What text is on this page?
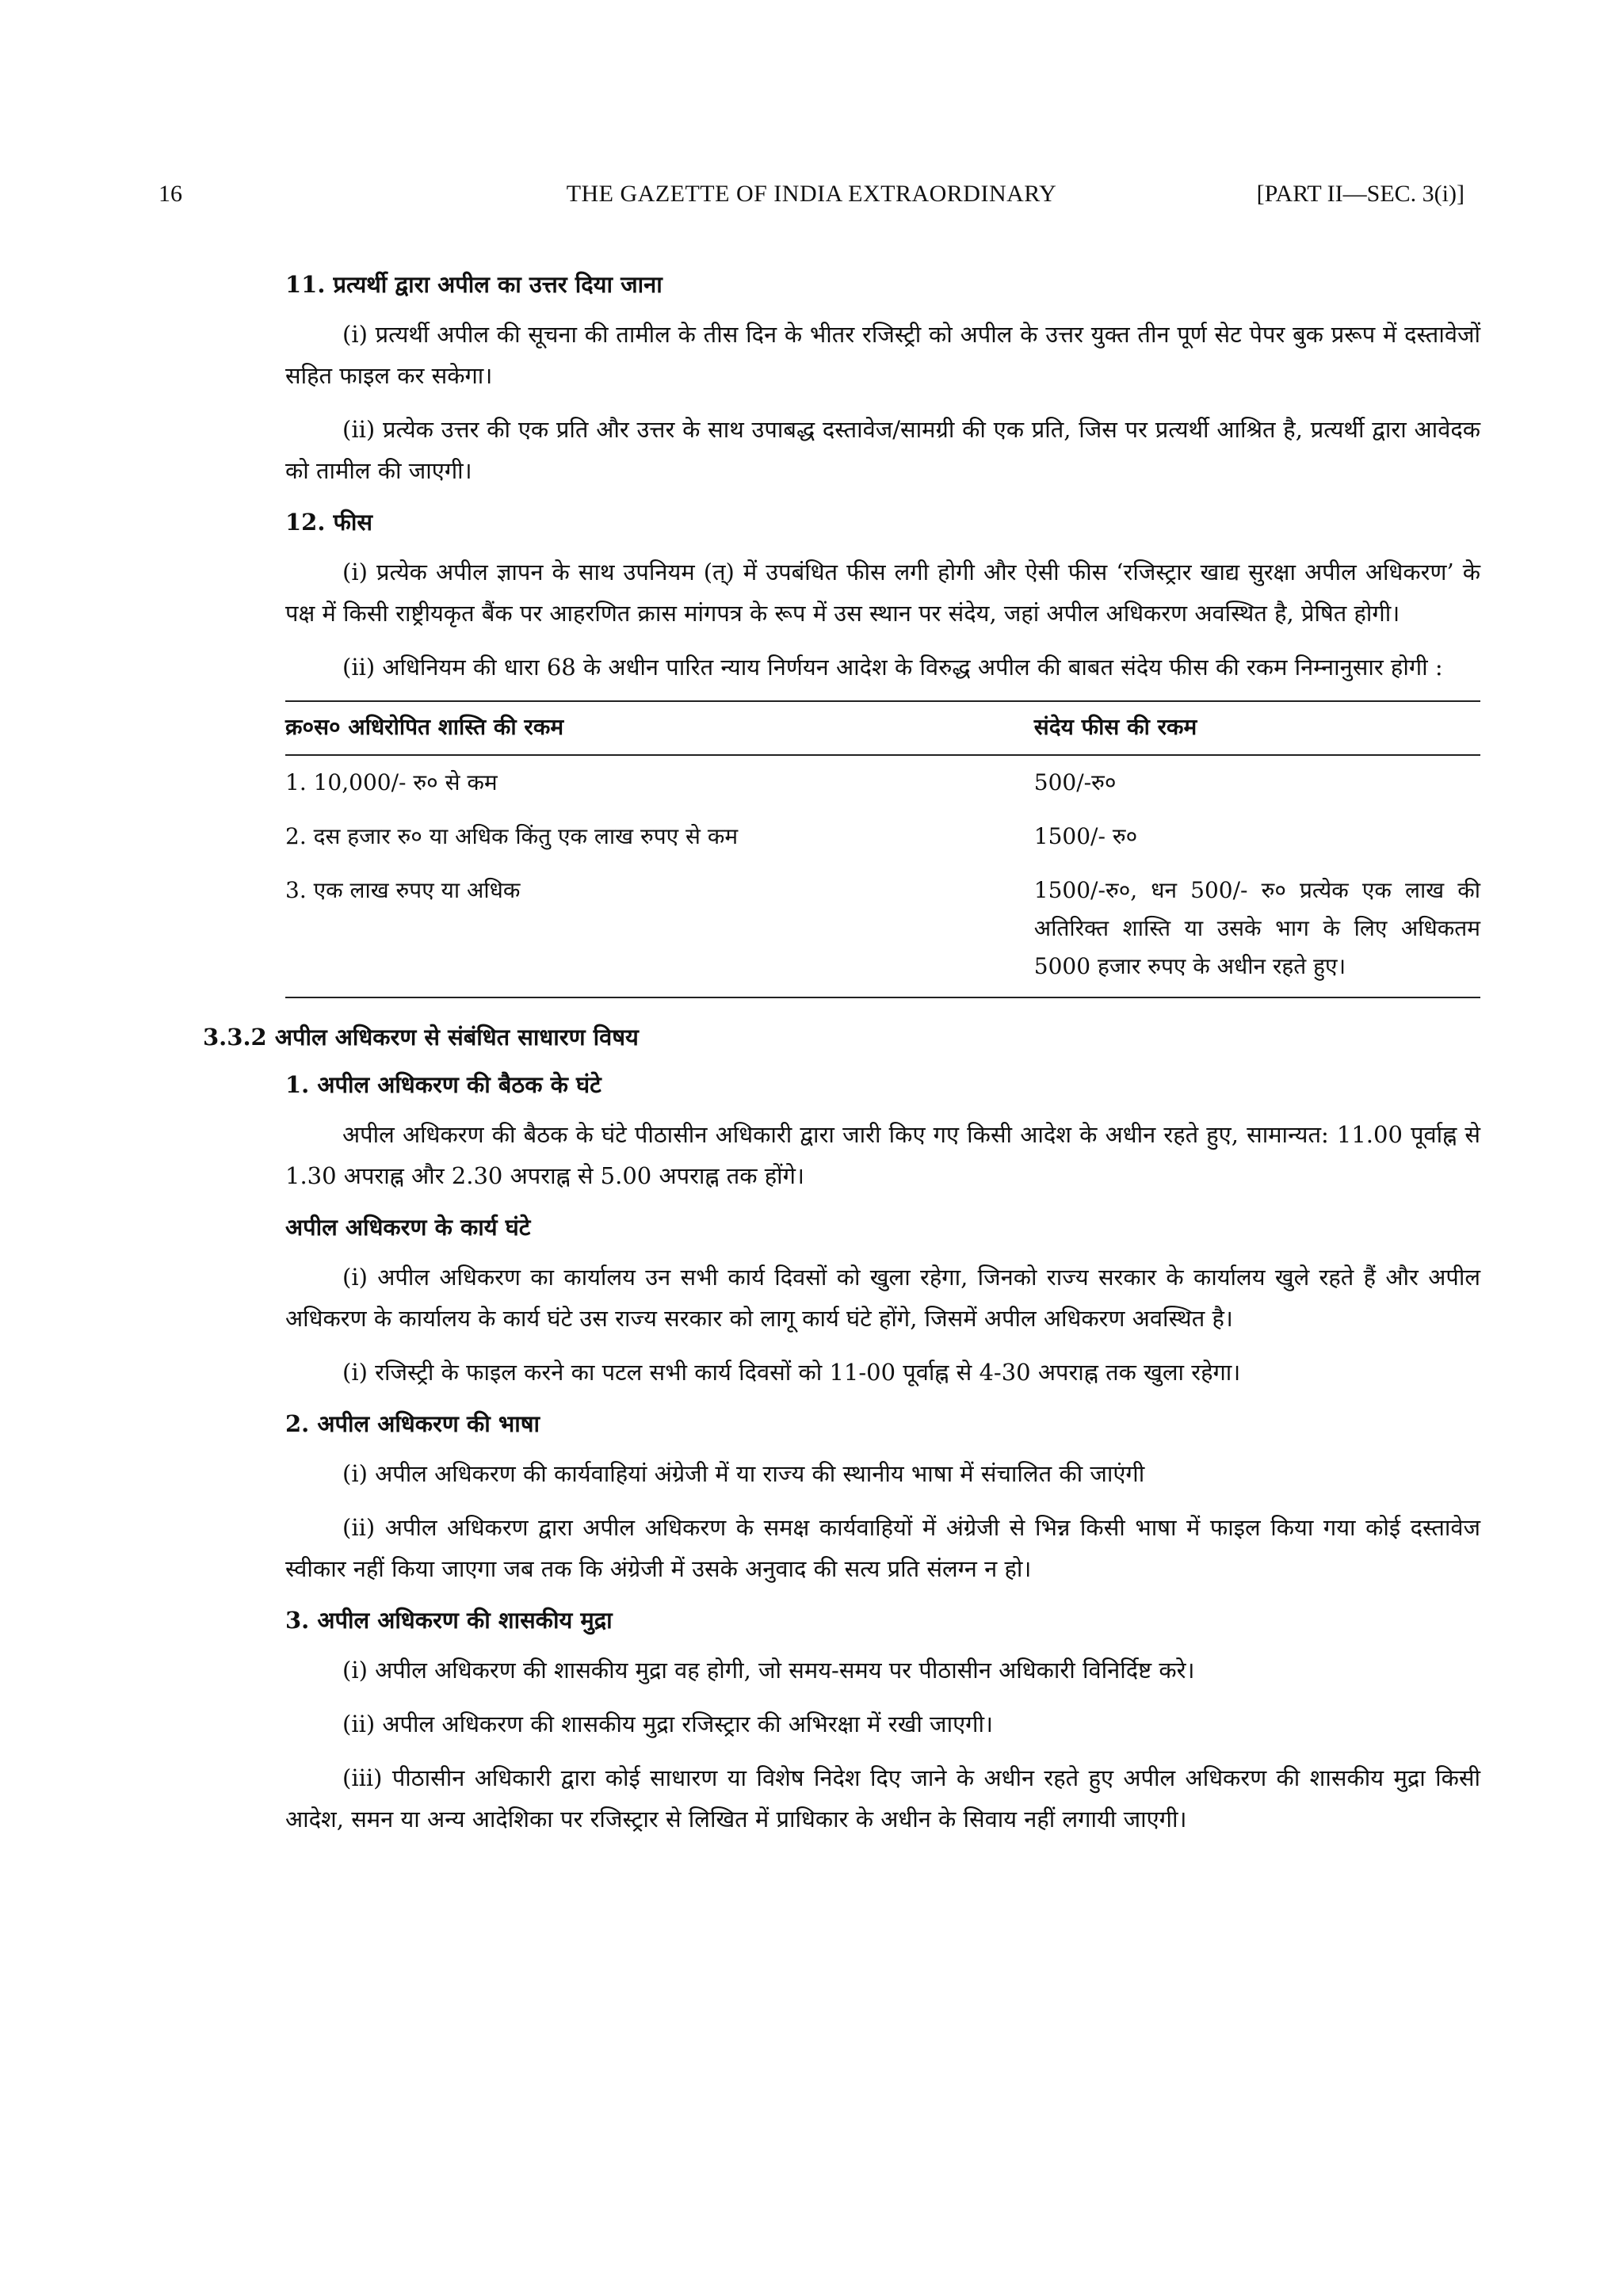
16	THE GAZETTE OF INDIA EXTRAORDINARY	[PART II—SEC. 3(i)]
11. प्रत्यर्थी द्वारा अपील का उत्तर दिया जाना

(i) प्रत्यर्थी अपील की सूचना की तामील के तीस दिन के भीतर रजिस्ट्री को अपील के उत्तर युक्त तीन पूर्ण सेट पेपर बुक प्ररूप में दस्तावेजों सहित फाइल कर सकेगा।

(ii) प्रत्येक उत्तर की एक प्रति और उत्तर के साथ उपाबद्ध दस्तावेज/सामग्री की एक प्रति, जिस पर प्रत्यर्थी आश्रित है, प्रत्यर्थी द्वारा आवेदक को तामील की जाएगी।

12. फीस

(i) प्रत्येक अपील ज्ञापन के साथ उपनियम (त्) में उपबंधित फीस लगी होगी और ऐसी फीस ‘रजिस्ट्रार खाद्य सुरक्षा अपील अधिकरण’ के पक्ष में किसी राष्ट्रीयकृत बैंक पर आहरणित क्रास मांगपत्र के रूप में उस स्थान पर संदेय, जहां अपील अधिकरण अवस्थित है, प्रेषित होगी।

(ii) अधिनियम की धारा 68 के अधीन पारित न्याय निर्णयन आदेश के विरुद्ध अपील की बाबत संदेय फीस की रकम निम्नानुसार होगी :

क्र०स० अधिरोपित शास्ति की रकम	संदेय फीस की रकम
1. 10,000/- रु० से कम	500/-रु०
2. दस हजार रु० या अधिक किंतु एक लाख रुपए से कम	1500/- रु०
3. एक लाख रुपए या अधिक	1500/-रु०, धन 500/- रु० प्रत्येक एक लाख की अतिरिक्त शास्ति या उसके भाग के लिए अधिकतम 5000 हजार रुपए के अधीन रहते हुए।
3.3.2 अपील अधिकरण से संबंधित साधारण विषय
1. अपील अधिकरण की बैठक के घंटे

अपील अधिकरण की बैठक के घंटे पीठासीन अधिकारी द्वारा जारी किए गए किसी आदेश के अधीन रहते हुए, सामान्यत: 11.00 पूर्वाह्न से 1.30 अपराह्न और 2.30 अपराह्न से 5.00 अपराह्न तक होंगे।

अपील अधिकरण के कार्य घंटे

(i) अपील अधिकरण का कार्यालय उन सभी कार्य दिवसों को खुला रहेगा, जिनको राज्य सरकार के कार्यालय खुले रहते हैं और अपील अधिकरण के कार्यालय के कार्य घंटे उस राज्य सरकार को लागू कार्य घंटे होंगे, जिसमें अपील अधिकरण अवस्थित है।

(i) रजिस्ट्री के फाइल करने का पटल सभी कार्य दिवसों को 11-00 पूर्वाह्न से 4-30 अपराह्न तक खुला रहेगा।

2. अपील अधिकरण की भाषा

(i) अपील अधिकरण की कार्यवाहियां अंग्रेजी में या राज्य की स्थानीय भाषा में संचालित की जाएंगी

(ii) अपील अधिकरण द्वारा अपील अधिकरण के समक्ष कार्यवाहियों में अंग्रेजी से भिन्न किसी भाषा में फाइल किया गया कोई दस्तावेज स्वीकार नहीं किया जाएगा जब तक कि अंग्रेजी में उसके अनुवाद की सत्य प्रति संलग्न न हो।

3. अपील अधिकरण की शासकीय मुद्रा

(i) अपील अधिकरण की शासकीय मुद्रा वह होगी, जो समय-समय पर पीठासीन अधिकारी विनिर्दिष्ट करे।

(ii) अपील अधिकरण की शासकीय मुद्रा रजिस्ट्रार की अभिरक्षा में रखी जाएगी।

(iii) पीठासीन अधिकारी द्वारा कोई साधारण या विशेष निदेश दिए जाने के अधीन रहते हुए अपील अधिकरण की शासकीय मुद्रा किसी आदेश, समन या अन्य आदेशिका पर रजिस्ट्रार से लिखित में प्राधिकार के अधीन के सिवाय नहीं लगायी जाएगी।
